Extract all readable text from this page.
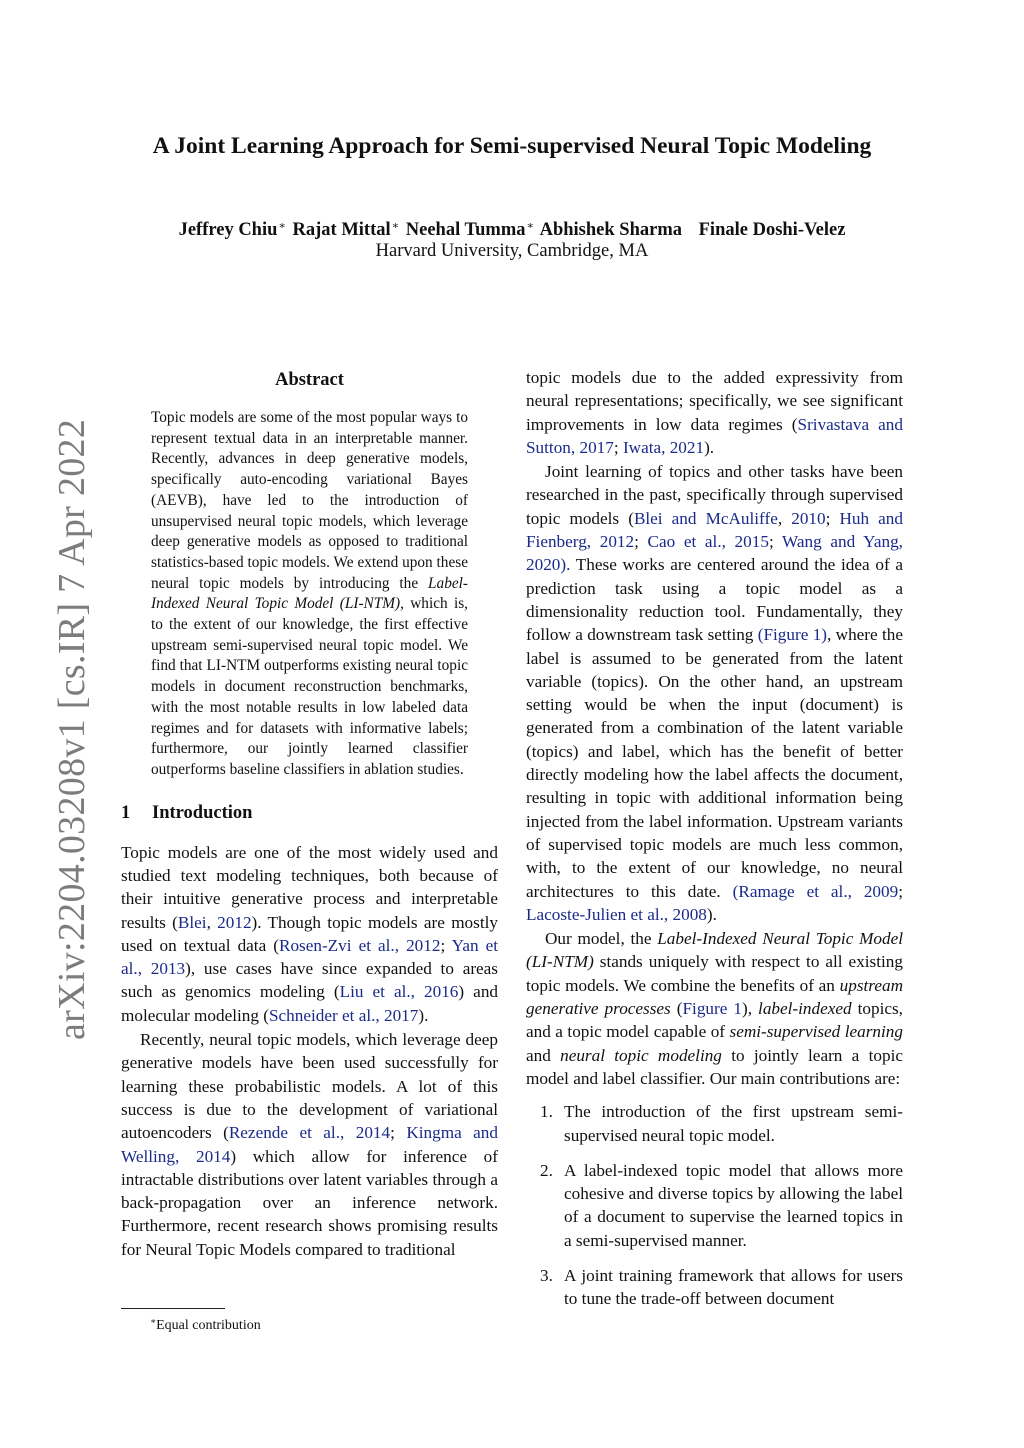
A Joint Learning Approach for Semi-supervised Neural Topic Modeling
Jeffrey Chiu∗ Rajat Mittal∗ Neehal Tumma∗ Abhishek Sharma Finale Doshi-Velez
Harvard University, Cambridge, MA
arXiv:2204.03208v1 [cs.IR] 7 Apr 2022
Abstract
Topic models are some of the most popular ways to represent textual data in an interpretable manner. Recently, advances in deep generative models, specifically auto-encoding variational Bayes (AEVB), have led to the introduction of unsupervised neural topic models, which leverage deep generative models as opposed to traditional statistics-based topic models. We extend upon these neural topic models by introducing the Label-Indexed Neural Topic Model (LI-NTM), which is, to the extent of our knowledge, the first effective upstream semi-supervised neural topic model. We find that LI-NTM outperforms existing neural topic models in document reconstruction benchmarks, with the most notable results in low labeled data regimes and for datasets with informative labels; furthermore, our jointly learned classifier outperforms baseline classifiers in ablation studies.
1 Introduction

Topic models are one of the most widely used and studied text modeling techniques, both because of their intuitive generative process and interpretable results (Blei, 2012). Though topic models are mostly used on textual data (Rosen-Zvi et al., 2012; Yan et al., 2013), use cases have since expanded to areas such as genomics modeling (Liu et al., 2016) and molecular modeling (Schneider et al., 2017).

Recently, neural topic models, which leverage deep generative models have been used successfully for learning these probabilistic models. A lot of this success is due to the development of variational autoencoders (Rezende et al., 2014; Kingma and Welling, 2014) which allow for inference of intractable distributions over latent variables through a back-propagation over an inference network. Furthermore, recent research shows promising results for Neural Topic Models compared to traditional

topic models due to the added expressivity from neural representations; specifically, we see significant improvements in low data regimes (Srivastava and Sutton, 2017; Iwata, 2021).

Joint learning of topics and other tasks have been researched in the past, specifically through supervised topic models (Blei and McAuliffe, 2010; Huh and Fienberg, 2012; Cao et al., 2015; Wang and Yang, 2020). These works are centered around the idea of a prediction task using a topic model as a dimensionality reduction tool. Fundamentally, they follow a downstream task setting (Figure 1), where the label is assumed to be generated from the latent variable (topics). On the other hand, an upstream setting would be when the input (document) is generated from a combination of the latent variable (topics) and label, which has the benefit of better directly modeling how the label affects the document, resulting in topic with additional information being injected from the label information. Upstream variants of supervised topic models are much less common, with, to the extent of our knowledge, no neural architectures to this date. (Ramage et al., 2009; Lacoste-Julien et al., 2008).

Our model, the Label-Indexed Neural Topic Model (LI-NTM) stands uniquely with respect to all existing topic models. We combine the benefits of an upstream generative processes (Figure 1), label-indexed topics, and a topic model capable of semi-supervised learning and neural topic modeling to jointly learn a topic model and label classifier. Our main contributions are:

1. The introduction of the first upstream semi-supervised neural topic model.
2. A label-indexed topic model that allows more cohesive and diverse topics by allowing the label of a document to supervise the learned topics in a semi-supervised manner.
3. A joint training framework that allows for users to tune the trade-off between document
∗Equal contribution
